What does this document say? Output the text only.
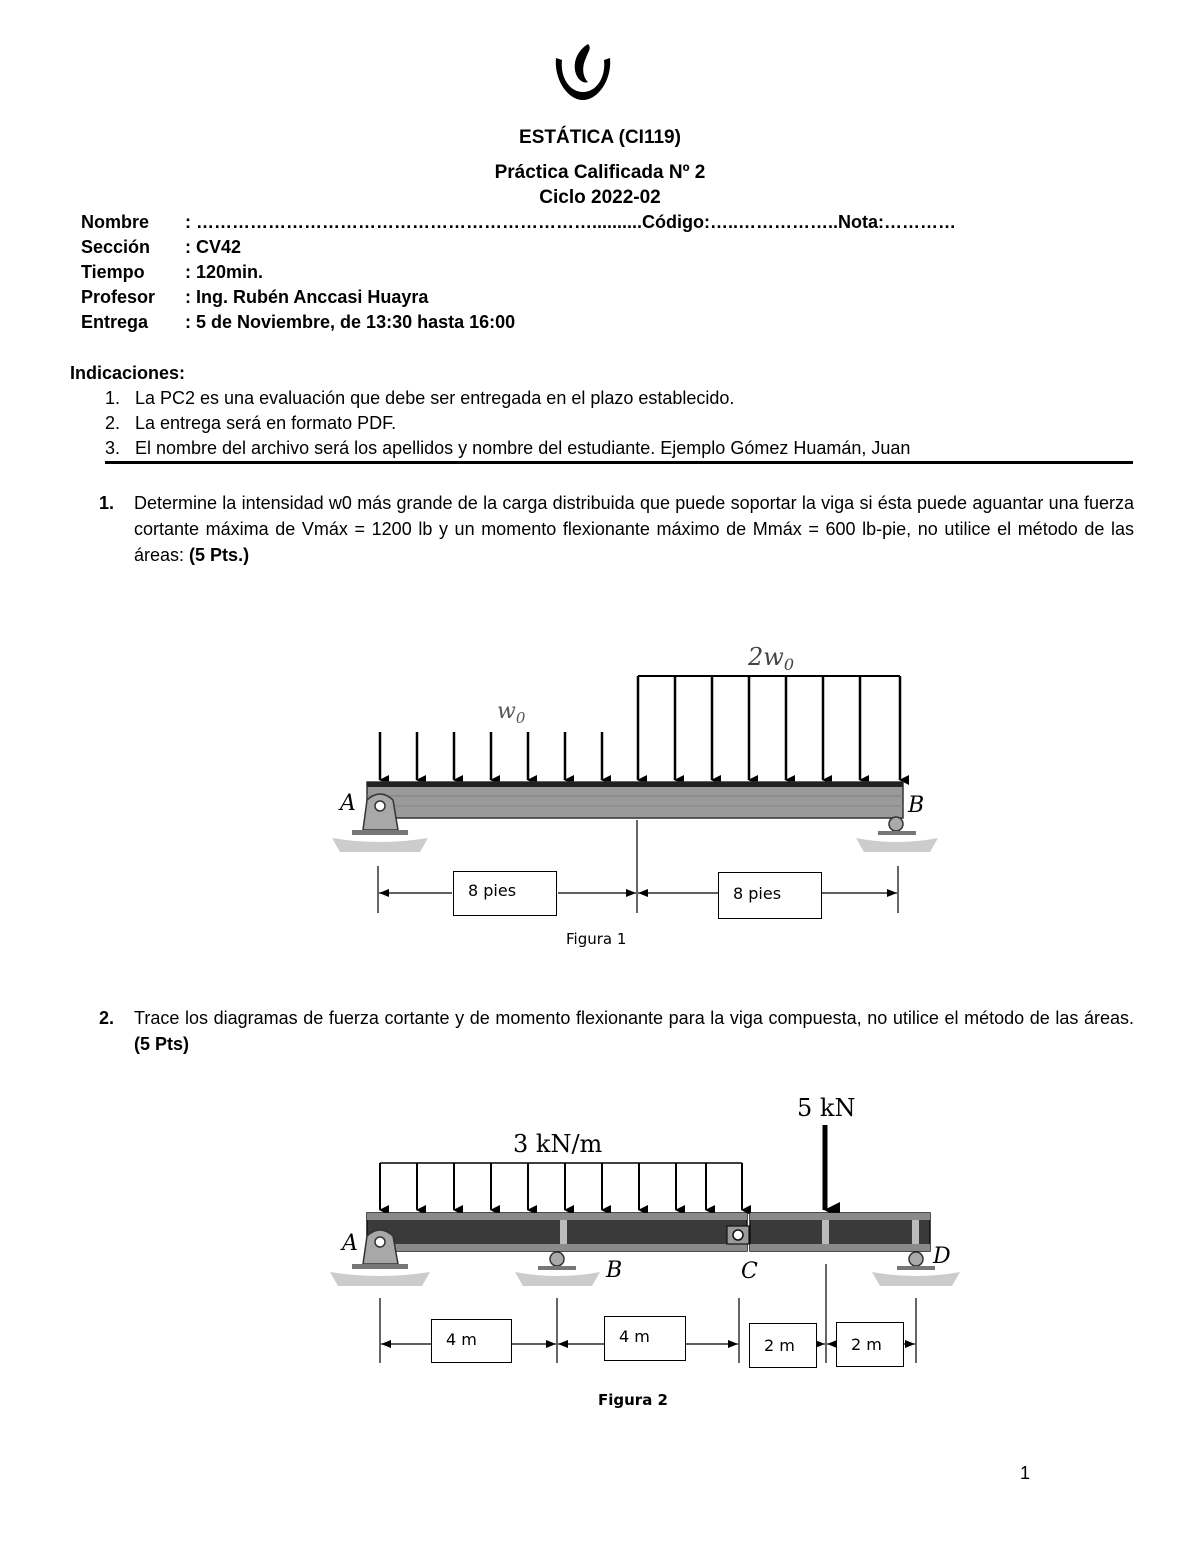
ESTÁTICA (CI119)
Práctica Calificada Nº 2
Ciclo 2022-02
Nombre : …………………………………………………………..........Código:…..……………..Nota:…………
Sección : CV42
Tiempo : 120min.
Profesor : Ing. Rubén Anccasi Huayra
Entrega : 5 de Noviembre, de 13:30 hasta 16:00
Indicaciones:
1. La PC2 es una evaluación que debe ser entregada en el plazo establecido.
2. La entrega será en formato PDF.
3. El nombre del archivo será los apellidos y nombre del estudiante. Ejemplo Gómez Huamán, Juan
1. Determine la intensidad w0 más grande de la carga distribuida que puede soportar la viga si ésta puede aguantar una fuerza cortante máxima de Vmáx = 1200 lb y un momento flexionante máximo de Mmáx = 600 lb-pie, no utilice el método de las áreas: (5 Pts.)
$w_0$
$2w_0$
A	B
8 pies	8 pies
Figura 1
2. Trace los diagramas de fuerza cortante y de momento flexionante para la viga compuesta, no utilice el método de las áreas. (5 Pts)
3 kN/m
5 kN
A
B	C
D
4 m	4 m	2 m	2 m
Figura 2
1
